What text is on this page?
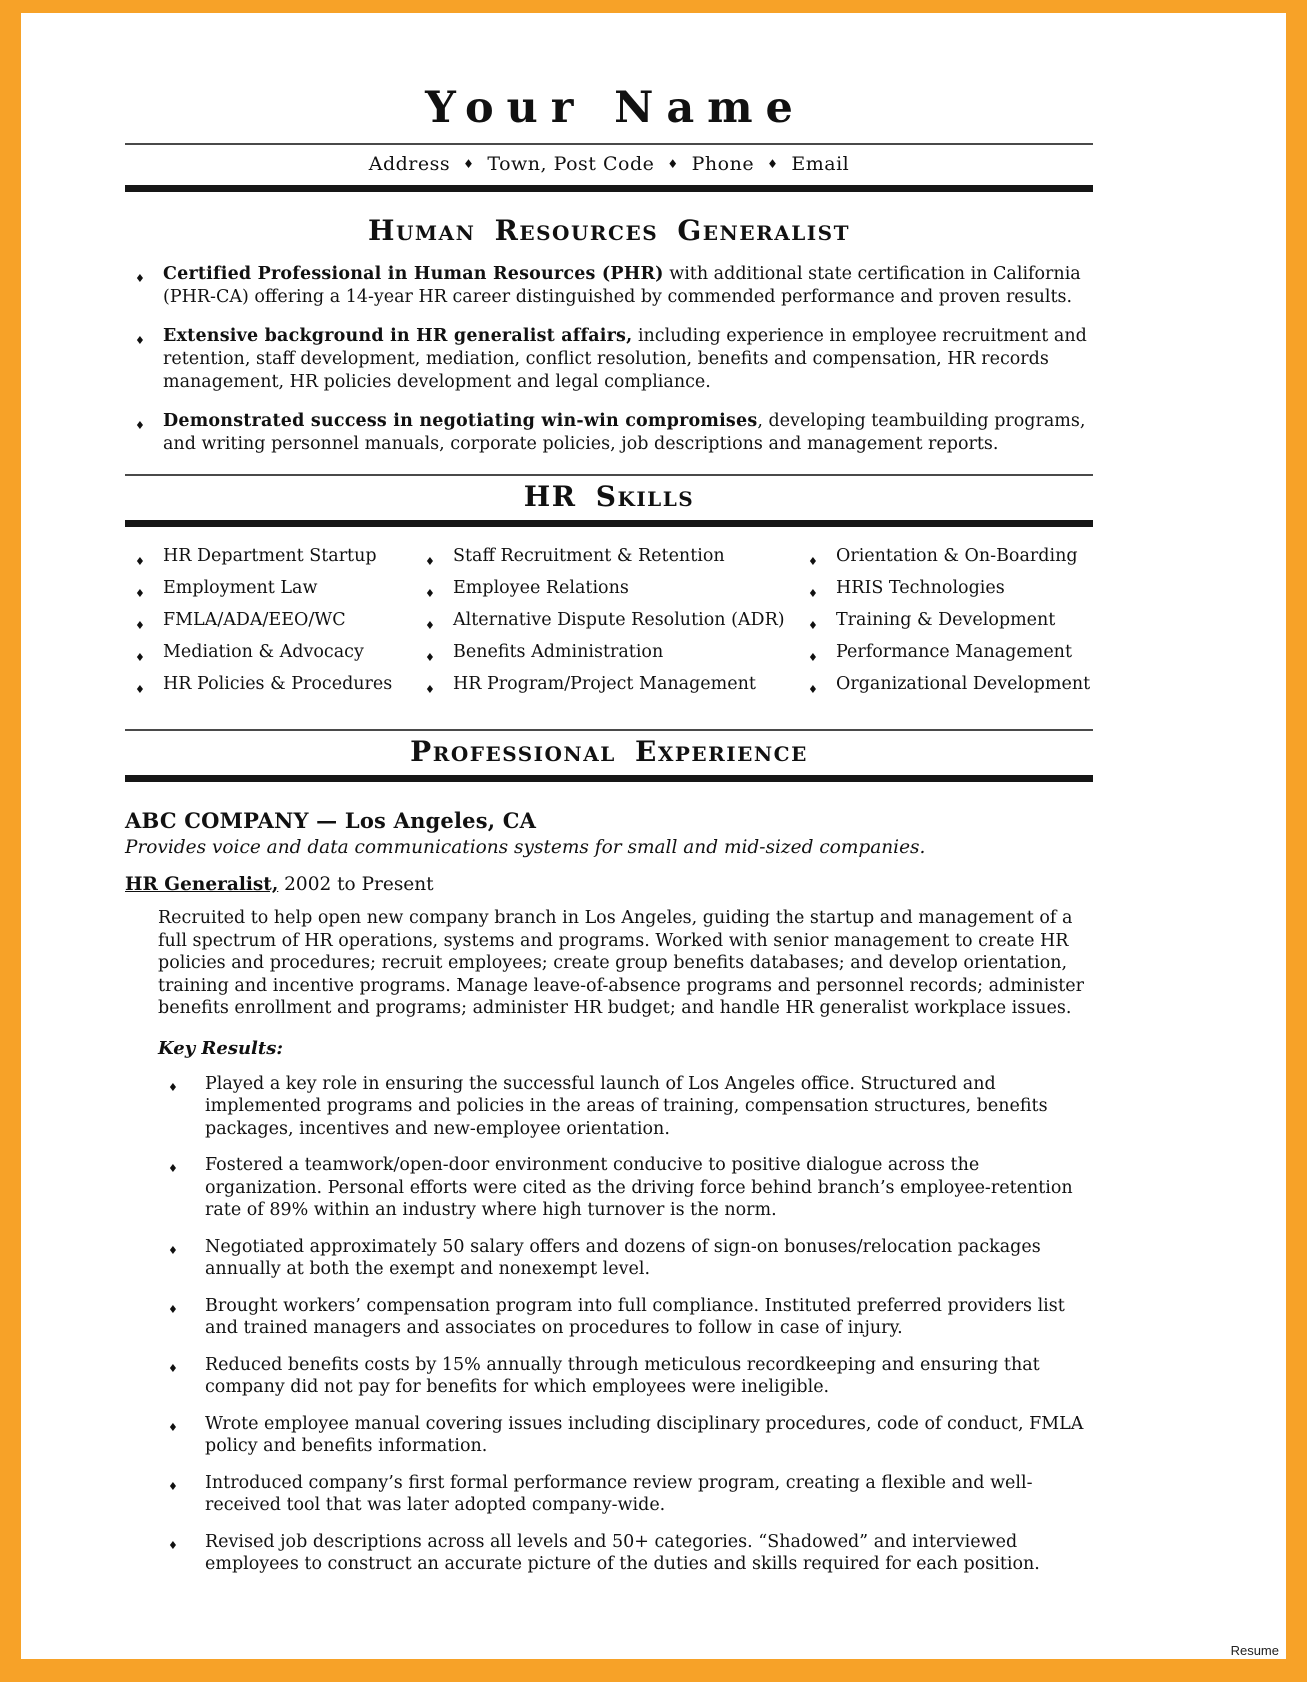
Your Name
Address ♦ Town, Post Code ♦ Phone ♦ Email
Human Resources Generalist
♦	Certified Professional in Human Resources (PHR) with additional state certification in California (PHR-CA) offering a 14-year HR career distinguished by commended performance and proven results.
♦	Extensive background in HR generalist affairs, including experience in employee recruitment and retention, staff development, mediation, conflict resolution, benefits and compensation, HR records management, HR policies development and legal compliance.
♦	Demonstrated success in negotiating win-win compromises, developing teambuilding programs, and writing personnel manuals, corporate policies, job descriptions and management reports.
HR Skills
♦	HR Department Startup
♦	Employment Law
♦	FMLA/ADA/EEO/WC
♦	Mediation & Advocacy
♦	HR Policies & Procedures
♦	Staff Recruitment & Retention
♦	Employee Relations
♦	Alternative Dispute Resolution (ADR)
♦	Benefits Administration
♦	HR Program/Project Management
♦	Orientation & On-Boarding
♦	HRIS Technologies
♦	Training & Development
♦	Performance Management
♦	Organizational Development
Professional Experience
ABC COMPANY — Los Angeles, CA

Provides voice and data communications systems for small and mid-sized companies.

HR Generalist, 2002 to Present

Recruited to help open new company branch in Los Angeles, guiding the startup and management of a full spectrum of HR operations, systems and programs. Worked with senior management to create HR policies and procedures; recruit employees; create group benefits databases; and develop orientation, training and incentive programs. Manage leave-of-absence programs and personnel records; administer benefits enrollment and programs; administer HR budget; and handle HR generalist workplace issues.

Key Results:

♦	Played a key role in ensuring the successful launch of Los Angeles office. Structured and implemented programs and policies in the areas of training, compensation structures, benefits packages, incentives and new-employee orientation.
♦	Fostered a teamwork/open-door environment conducive to positive dialogue across the organization. Personal efforts were cited as the driving force behind branch’s employee-retention rate of 89% within an industry where high turnover is the norm.
♦	Negotiated approximately 50 salary offers and dozens of sign-on bonuses/relocation packages annually at both the exempt and nonexempt level.
♦	Brought workers’ compensation program into full compliance. Instituted preferred providers list and trained managers and associates on procedures to follow in case of injury.
♦	Reduced benefits costs by 15% annually through meticulous recordkeeping and ensuring that company did not pay for benefits for which employees were ineligible.
♦	Wrote employee manual covering issues including disciplinary procedures, code of conduct, FMLA policy and benefits information.
♦	Introduced company’s first formal performance review program, creating a flexible and well-received tool that was later adopted company-wide.
♦	Revised job descriptions across all levels and 50+ categories. “Shadowed” and interviewed employees to construct an accurate picture of the duties and skills required for each position.
Resume
